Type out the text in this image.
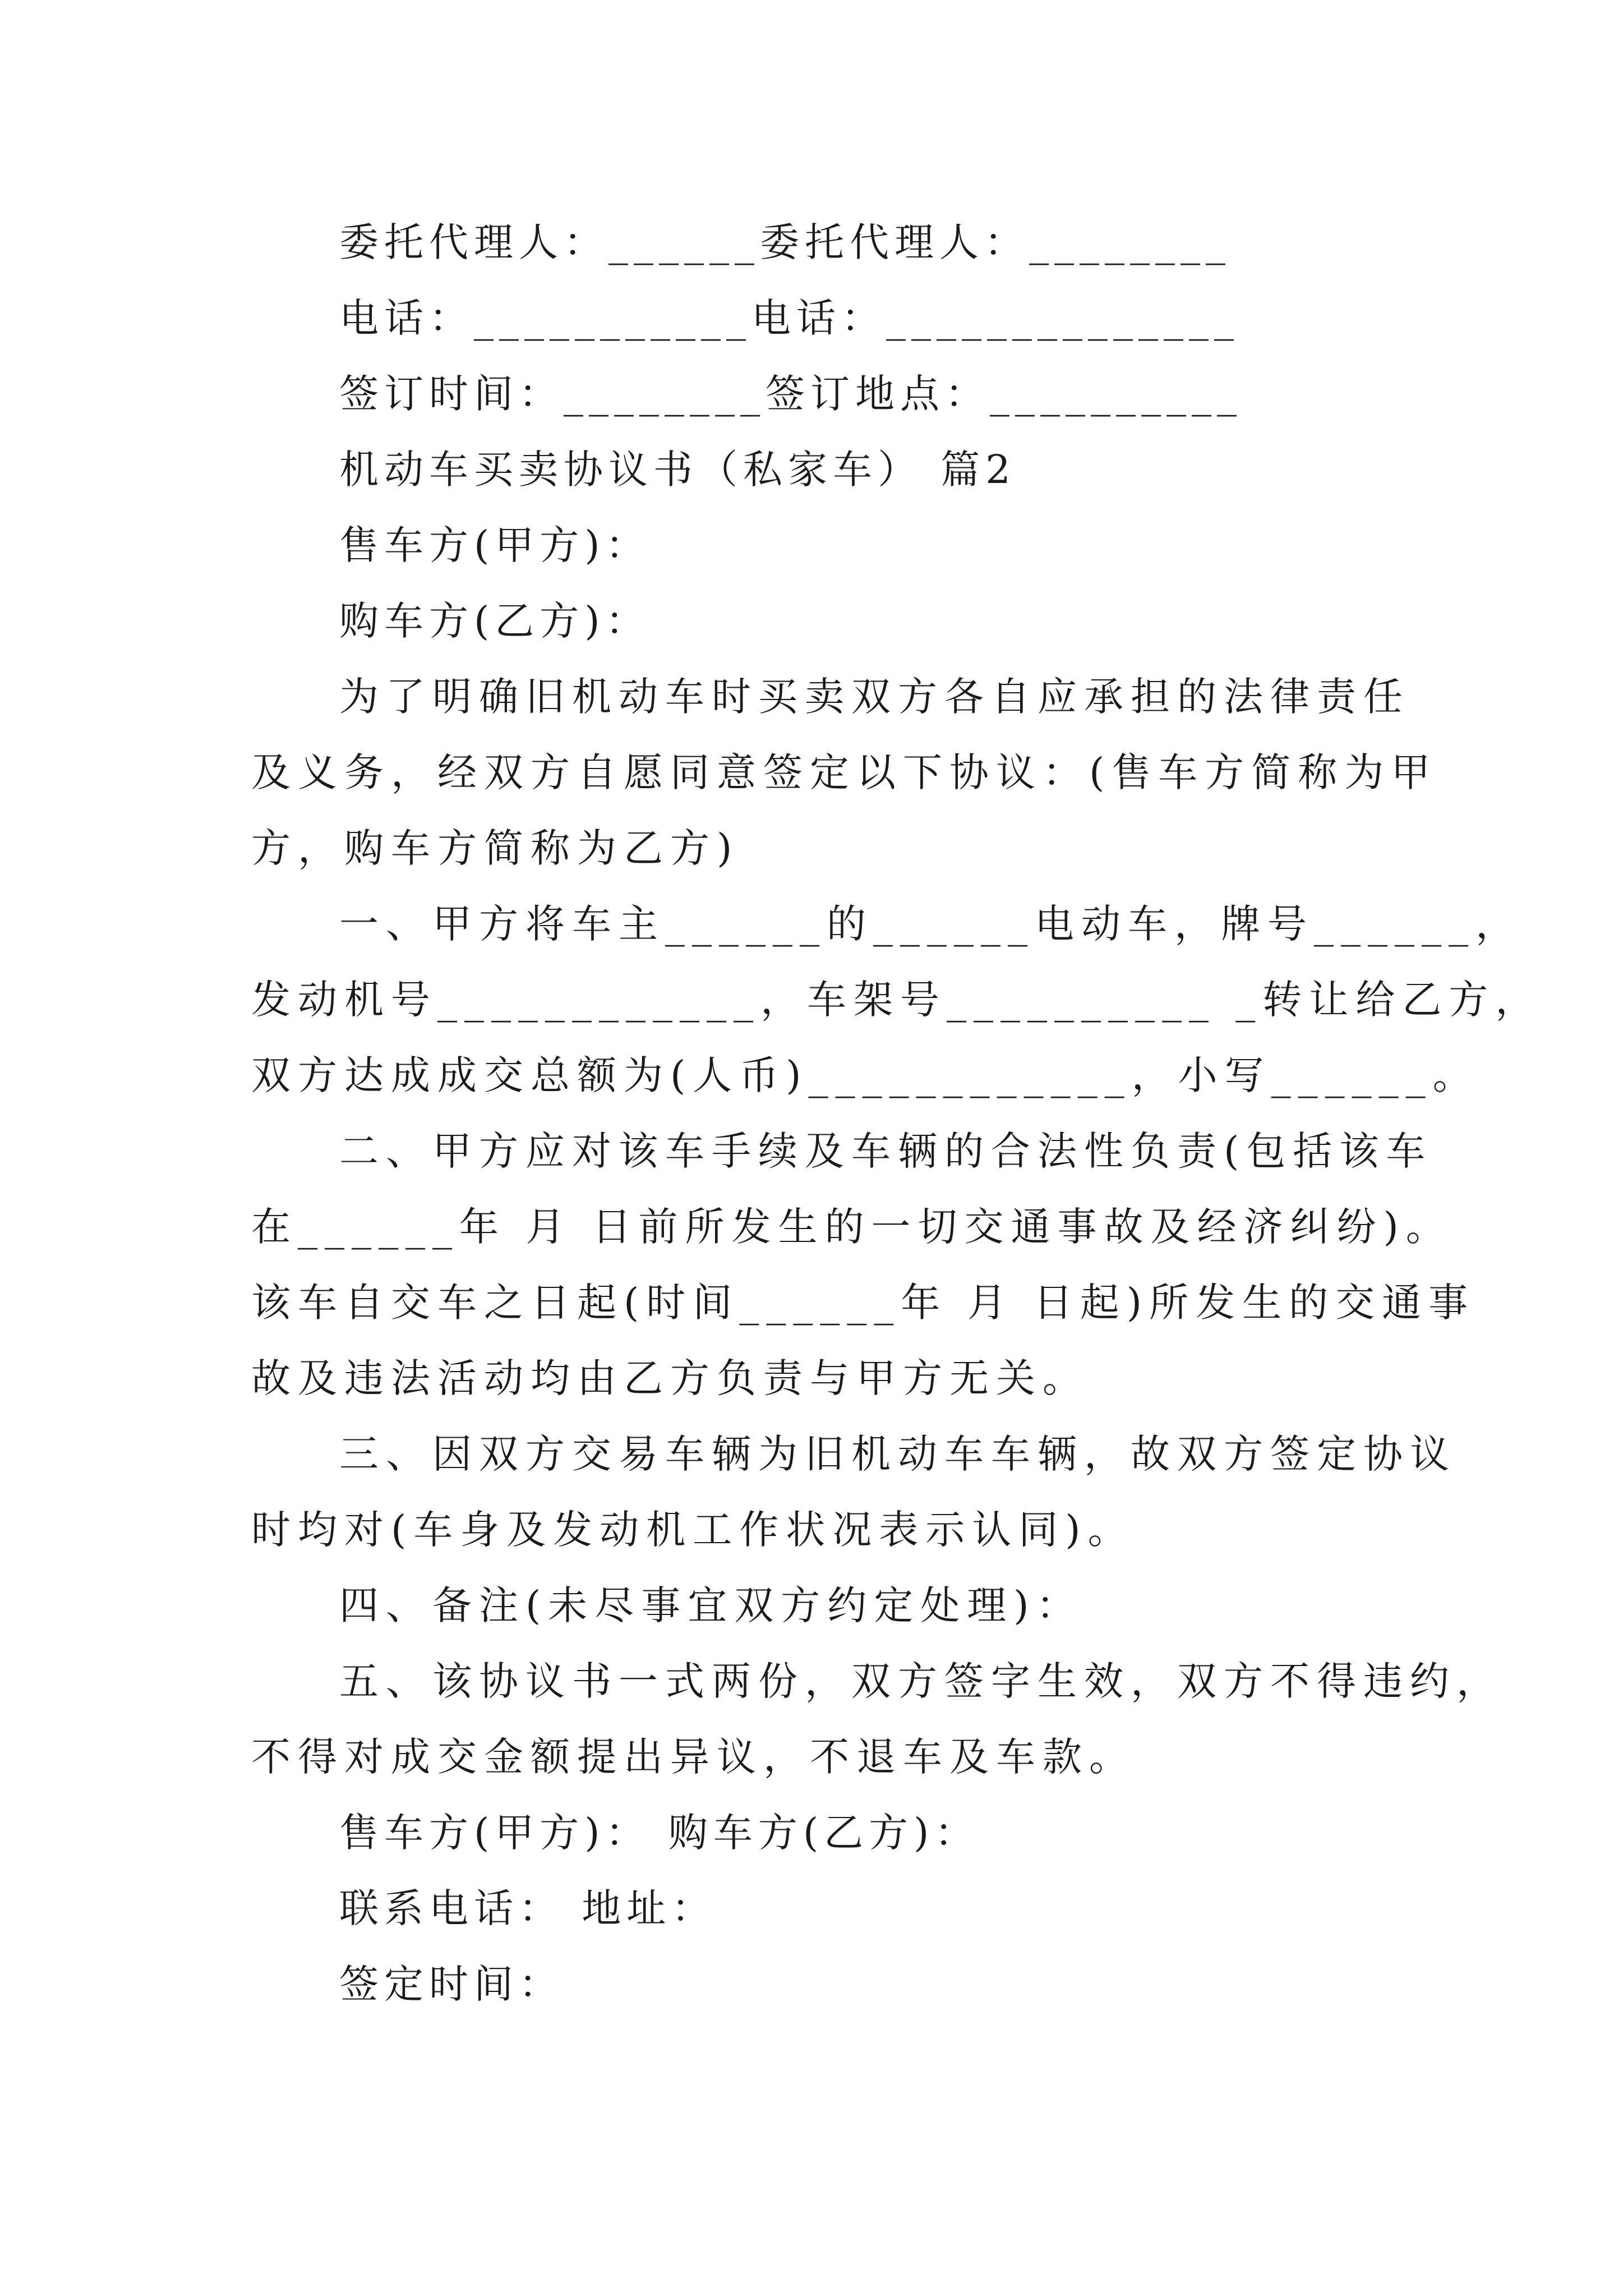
委托代理人：______委托代理人：________
电话：___________电话：______________
签订时间：________签订地点：__________
机动车买卖协议书（私家车） 篇2
售车方(甲方)：
购车方(乙方)：
为了明确旧机动车时买卖双方各自应承担的法律责任
及义务，经双方自愿同意签定以下协议：(售车方简称为甲
方，购车方简称为乙方)
一、甲方将车主______的______电动车，牌号______，
发动机号____________，车架号__________ _转让给乙方，
双方达成成交总额为(人币)____________，小写______。
二、甲方应对该车手续及车辆的合法性负责(包括该车
在______年 月 日前所发生的一切交通事故及经济纠纷)。
该车自交车之日起(时间______年 月 日起)所发生的交通事
故及违法活动均由乙方负责与甲方无关。
三、因双方交易车辆为旧机动车车辆，故双方签定协议
时均对(车身及发动机工作状况表示认同)。
四、备注(未尽事宜双方约定处理)：
五、该协议书一式两份，双方签字生效，双方不得违约，
不得对成交金额提出异议，不退车及车款。
售车方(甲方)： 购车方(乙方)：
联系电话： 地址：
签定时间：
